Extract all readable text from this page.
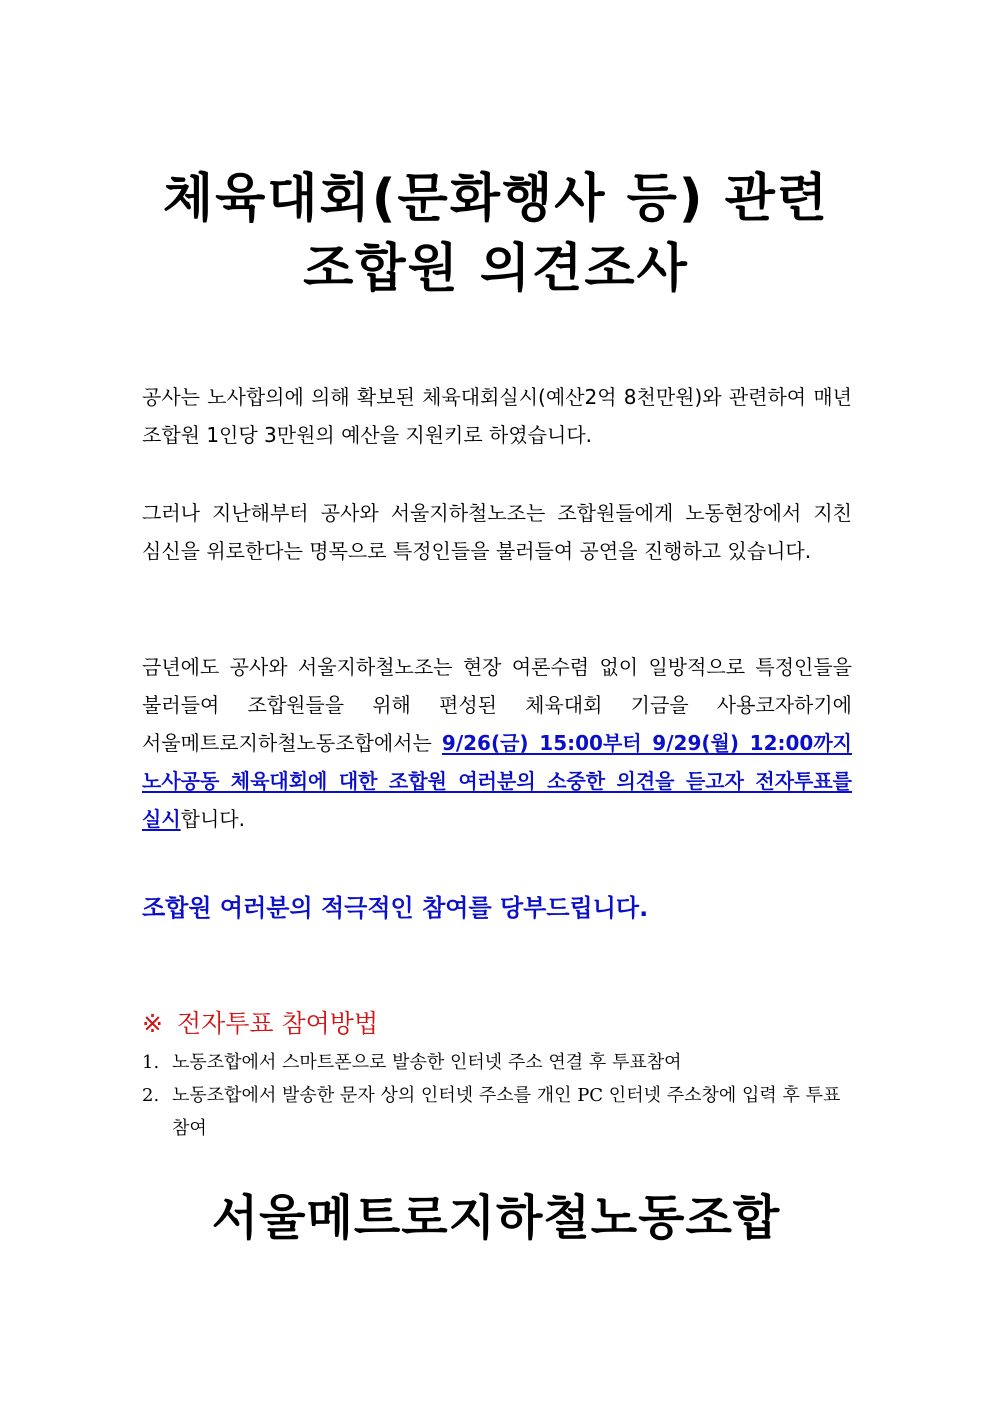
체육대회(문화행사 등) 관련
조합원 의견조사

공사는 노사합의에 의해 확보된 체육대회실시(예산2억 8천만원)와 관련하여 매년 조합원 1인당 3만원의 예산을 지원키로 하였습니다.

그러나 지난해부터 공사와 서울지하철노조는 조합원들에게 노동현장에서 지친 심신을 위로한다는 명목으로 특정인들을 불러들여 공연을 진행하고 있습니다.

금년에도 공사와 서울지하철노조는 현장 여론수렴 없이 일방적으로 특정인들을 불러들여 조합원들을 위해 편성된 체육대회 기금을 사용코자하기에 서울메트로지하철노동조합에서는 9/26(금) 15:00부터 9/29(월) 12:00까지 노사공동 체육대회에 대한 조합원 여러분의 소중한 의견을 듣고자 전자투표를 실시합니다.

조합원 여러분의 적극적인 참여를 당부드립니다.

※ 전자투표 참여방법

1. 노동조합에서 스마트폰으로 발송한 인터넷 주소 연결 후 투표참여
2. 노동조합에서 발송한 문자 상의 인터넷 주소를 개인 PC 인터넷 주소창에 입력 후 투표참여
서울메트로지하철노동조합
